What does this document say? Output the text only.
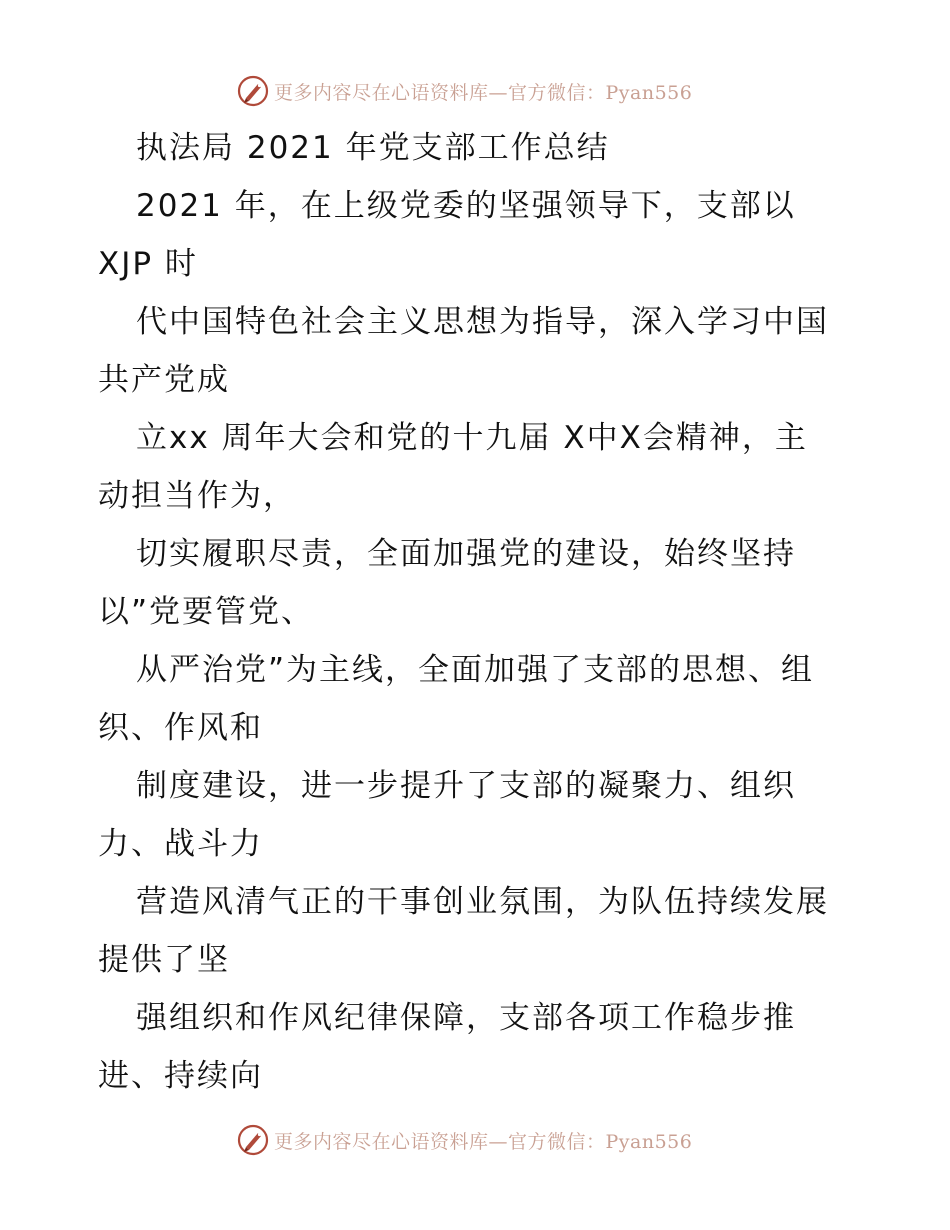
更多内容尽在心语资料库—官方微信：Pyan556
执法局 2021 年党支部工作总结
2021 年，在上级党委的坚强领导下，支部以
XJP 时
代中国特色社会主义思想为指导，深入学习中国
共产党成
立xx 周年大会和党的十九届 X中X会精神，主
动担当作为，
切实履职尽责，全面加强党的建设，始终坚持
以”党要管党、
从严治党”为主线，全面加强了支部的思想、组
织、作风和
制度建设，进一步提升了支部的凝聚力、组织
力、战斗力
营造风清气正的干事创业氛围，为队伍持续发展
提供了坚
强组织和作风纪律保障，支部各项工作稳步推
进、持续向
更多内容尽在心语资料库—官方微信：Pyan556
